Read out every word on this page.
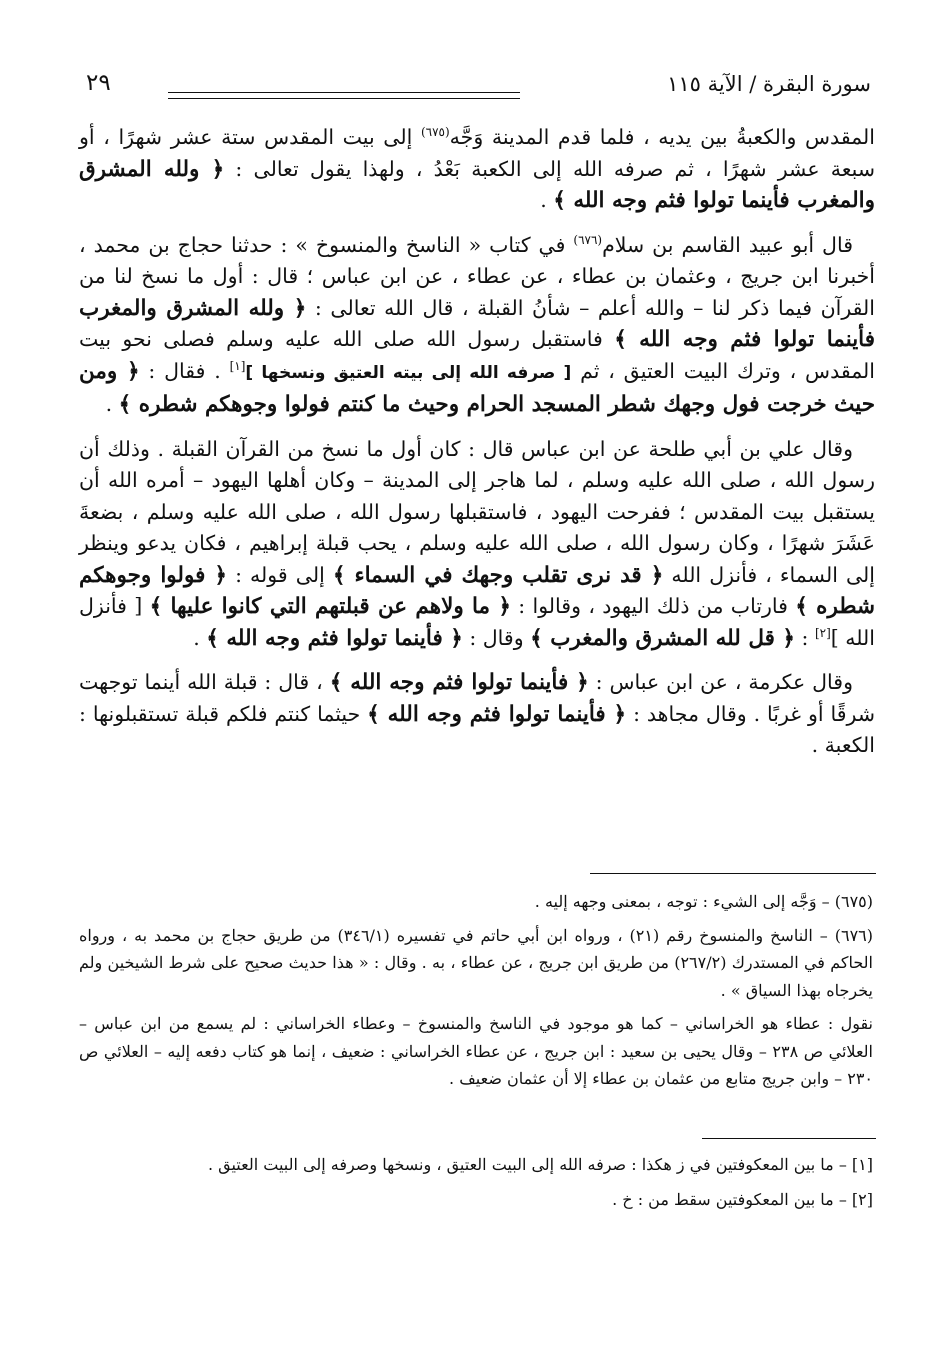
سورة البقرة / الآية ١١٥
٢٩

المقدس والكعبةُ بين يديه ، فلما قدم المدينة وَجَّه$^{(٦٧٥)}$ إلى بيت المقدس ستة عشر شهرًا ، أو سبعة عشر شهرًا ، ثم صرفه الله إلى الكعبة بَعْدُ ، ولهذا يقول تعالى : ﴿ ولله المشرق والمغرب فأينما تولوا فثم وجه الله ﴾ .

قال أبو عبيد القاسم بن سلام$^{(٦٧٦)}$ في كتاب « الناسخ والمنسوخ » : حدثنا حجاج بن محمد ، أخبرنا ابن جريج ، وعثمان بن عطاء ، عن عطاء ، عن ابن عباس ؛ قال : أول ما نسخ لنا من القرآن فيما ذكر لنا – والله أعلم – شأنُ القبلة ، قال الله تعالى : ﴿ ولله المشرق والمغرب فأينما تولوا فثم وجه الله ﴾ فاستقبل رسول الله صلى الله عليه وسلم فصلى نحو بيت المقدس ، وترك البيت العتيق ، ثم [ صرفه الله إلى بيته العتيق ونسخها ][١] . فقال : ﴿ ومن حيث خرجت فول وجهك شطر المسجد الحرام وحيث ما كنتم فولوا وجوهكم شطره ﴾ .

وقال علي بن أبي طلحة عن ابن عباس قال : كان أول ما نسخ من القرآن القبلة . وذلك أن رسول الله ، صلى الله عليه وسلم ، لما هاجر إلى المدينة – وكان أهلها اليهود – أمره الله أن يستقبل بيت المقدس ؛ ففرحت اليهود ، فاستقبلها رسول الله ، صلى الله عليه وسلم ، بضعةَ عَشَرَ شهرًا ، وكان رسول الله ، صلى الله عليه وسلم ، يحب قبلة إبراهيم ، فكان يدعو وينظر إلى السماء ، فأنزل الله ﴿ قد نرى تقلب وجهك في السماء ﴾ إلى قوله : ﴿ فولوا وجوهكم شطره ﴾ فارتاب من ذلك اليهود ، وقالوا : ﴿ ما ولاهم عن قبلتهم التي كانوا عليها ﴾ [ فأنزل الله ][٢] : ﴿ قل لله المشرق والمغرب ﴾ وقال : ﴿ فأينما تولوا فثم وجه الله ﴾ .

وقال عكرمة ، عن ابن عباس : ﴿ فأينما تولوا فثم وجه الله ﴾ ، قال : قبلة الله أينما توجهت شرقًا أو غربًا . وقال مجاهد : ﴿ فأينما تولوا فثم وجه الله ﴾ حيثما كنتم فلكم قبلة تستقبلونها : الكعبة .

(٦٧٥) – وَجَّه إلى الشيء : توجه ، بمعنى وجهه إليه .

(٦٧٦) – الناسخ والمنسوخ رقم (٢١) ، ورواه ابن أبي حاتم في تفسيره (٣٤٦/١) من طريق حجاج بن محمد به ، ورواه الحاكم في المستدرك (٢٦٧/٢) من طريق ابن جريج ، عن عطاء ، به . وقال : « هذا حديث صحيح على شرط الشيخين ولم يخرجاه بهذا السياق » .

نقول : عطاء هو الخراساني – كما هو موجود في الناسخ والمنسوخ – وعطاء الخراساني : لم يسمع من ابن عباس – العلائي ص ٢٣٨ – وقال يحيى بن سعيد : ابن جريج ، عن عطاء الخراساني : ضعيف ، إنما هو كتاب دفعه إليه – العلائي ص ٢٣٠ – وابن جريج متابع من عثمان بن عطاء إلا أن عثمان ضعيف .

[١] – ما بين المعكوفتين في ز هكذا : صرفه الله إلى البيت العتيق ، ونسخها وصرفه إلى البيت العتيق .

[٢] – ما بين المعكوفتين سقط من : خ .
